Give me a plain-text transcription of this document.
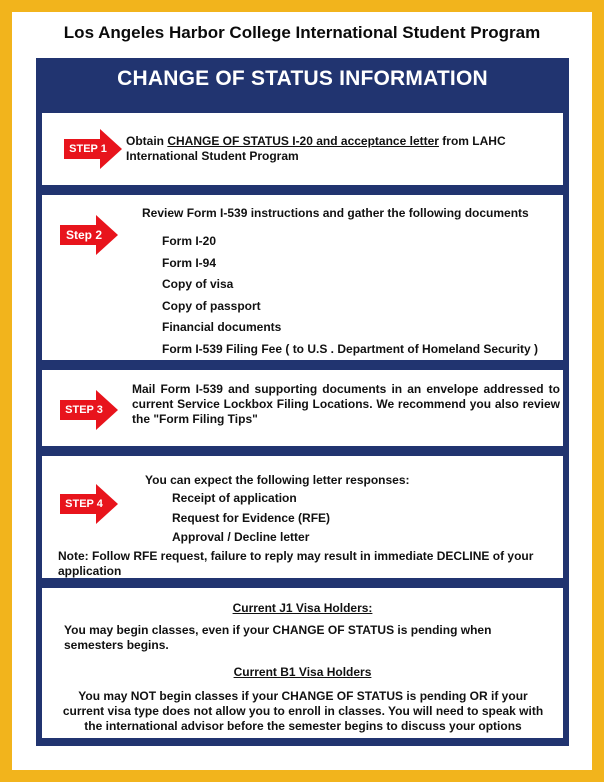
Los Angeles Harbor College International Student Program
CHANGE OF STATUS INFORMATION
STEP 1

Obtain CHANGE OF STATUS I-20 and acceptance letter from LAHC International Student Program

Step 2

Review Form I-539 instructions and gather the following documents

Form I-20
Form I-94
Copy of visa
Copy of passport
Financial documents
Form I-539 Filing Fee ( to U.S . Department of Homeland Security )
STEP 3

Mail Form I-539 and supporting documents in an envelope addressed to current Service Lockbox Filing Locations. We recommend you also review the "Form Filing Tips"

STEP 4

You can expect the following letter responses:

Receipt of application
Request for Evidence (RFE)
Approval / Decline letter

Note: Follow RFE request, failure to reply may result in immediate DECLINE of your application

Current J1 Visa Holders:

You may begin classes, even if your CHANGE OF STATUS is pending when semesters begins.

Current B1 Visa Holders

You may NOT begin classes if your CHANGE OF STATUS is pending OR if your current visa type does not allow you to enroll in classes. You will need to speak with the international advisor before the semester begins to discuss your options
